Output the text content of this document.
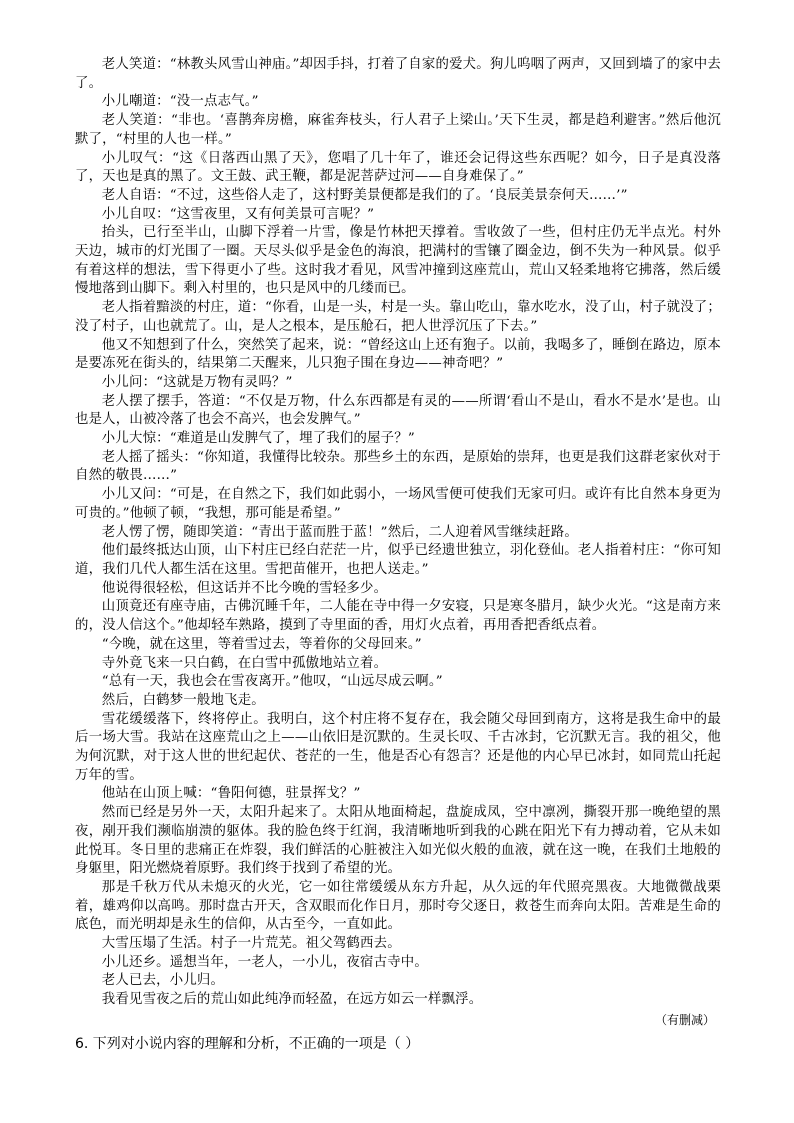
老人笑道：“林教头风雪山神庙。”却因手抖，打着了自家的爱犬。狗儿呜咽了两声，又回到墙了的家中去了。

小儿嘲道：“没一点志气。”

老人笑道：“非也。‘喜鹊奔房檐，麻雀奔枝头，行人君子上梁山。’天下生灵，都是趋利避害。”然后他沉默了，“村里的人也一样。”

小儿叹气：“这《日落西山黑了天》，您唱了几十年了，谁还会记得这些东西呢？如今，日子是真没落了，天也是真的黑了。文王鼓、武王鞭，都是泥菩萨过河——自身难保了。”

老人自语：“不过，这些俗人走了，这村野美景便都是我们的了。‘良辰美景奈何天……’”

小儿自叹：“这雪夜里，又有何美景可言呢？”

抬头，已行至半山，山脚下浮着一片雪，像是竹林把天撑着。雪收敛了一些，但村庄仍无半点光。村外天边，城市的灯光围了一圈。天尽头似乎是金色的海浪，把满村的雪镶了圈金边，倒不失为一种风景。似乎有着这样的想法，雪下得更小了些。这时我才看见，风雪冲撞到这座荒山，荒山又轻柔地将它拂落，然后缓慢地落到山脚下。剩入村里的，也只是风中的几缕而已。

老人指着黯淡的村庄，道：“你看，山是一头，村是一头。靠山吃山，靠水吃水，没了山，村子就没了；没了村子，山也就荒了。山，是人之根本，是压舱石，把人世浮沉压了下去。”

他又不知想到了什么，突然笑了起来，说：“曾经这山上还有狍子。以前，我喝多了，睡倒在路边，原本是要冻死在街头的，结果第二天醒来，儿只狍子围在身边——神奇吧？”

小儿问：“这就是万物有灵吗？”

老人摆了摆手，答道：“不仅是万物，什么东西都是有灵的——所谓‘看山不是山，看水不是水’是也。山也是人，山被冷落了也会不高兴，也会发脾气。”

小儿大惊：“难道是山发脾气了，埋了我们的屋子？”

老人摇了摇头：“你知道，我懂得比较杂。那些乡土的东西，是原始的崇拜，也更是我们这群老家伙对于自然的敬畏……”

小儿又问：“可是，在自然之下，我们如此弱小，一场风雪便可使我们无家可归。或许有比自然本身更为可贵的。”他顿了顿，“我想，那可能是希望。”

老人愣了愣，随即笑道：“青出于蓝而胜于蓝！”然后，二人迎着风雪继续赶路。

他们最终抵达山顶，山下村庄已经白茫茫一片，似乎已经遗世独立，羽化登仙。老人指着村庄：“你可知道，我们几代人都生活在这里。雪把苗催开，也把人送走。”

他说得很轻松，但这话并不比今晚的雪轻多少。

山顶竟还有座寺庙，古佛沉睡千年，二人能在寺中得一夕安寝，只是寒冬腊月，缺少火光。“这是南方来的，没人信这个。”他却轻车熟路，摸到了寺里面的香，用灯火点着，再用香把香纸点着。

“今晚，就在这里，等着雪过去，等着你的父母回来。”

寺外竟飞来一只白鹤，在白雪中孤傲地站立着。

“总有一天，我也会在雪夜离开。”他叹，“山远尽成云啊。”

然后，白鹤梦一般地飞走。

雪花缓缓落下，终将停止。我明白，这个村庄将不复存在，我会随父母回到南方，这将是我生命中的最后一场大雪。我站在这座荒山之上——山依旧是沉默的。生灵长叹、千古冰封，它沉默无言。我的祖父，他为何沉默，对于这人世的世纪起伏、苍茫的一生，他是否心有怨言？还是他的内心早已冰封，如同荒山托起万年的雪。

他站在山顶上喊：“鲁阳何德，驻景挥戈？”

然而已经是另外一天，太阳升起来了。太阳从地面椅起，盘旋成凤，空中凛冽，撕裂开那一晚绝望的黑夜，剐开我们濒临崩溃的躯体。我的脸色终于红润，我清晰地听到我的心跳在阳光下有力搏动着，它从未如此悦耳。冬日里的悲痛正在炸裂，我们鲜活的心脏被注入如光似火般的血液，就在这一晚，在我们土地般的身躯里，阳光燃烧着原野。我们终于找到了希望的光。

那是千秋万代从未熄灭的火光，它一如往常缓缓从东方升起，从久远的年代照亮黑夜。大地微微战栗着，雄鸡仰以高鸣。那时盘古开天，含双眼而化作日月，那时夸父逐日，救苍生而奔向太阳。苦难是生命的底色，而光明却是永生的信仰，从古至今，一直如此。

大雪压塌了生活。村子一片荒芜。祖父驾鹤西去。

小儿还乡。遥想当年，一老人，一小儿，夜宿古寺中。

老人已去，小儿归。

我看见雪夜之后的荒山如此纯净而轻盈，在远方如云一样飘浮。

（有删减）

6. 下列对小说内容的理解和分析，不正确的一项是（ ）
